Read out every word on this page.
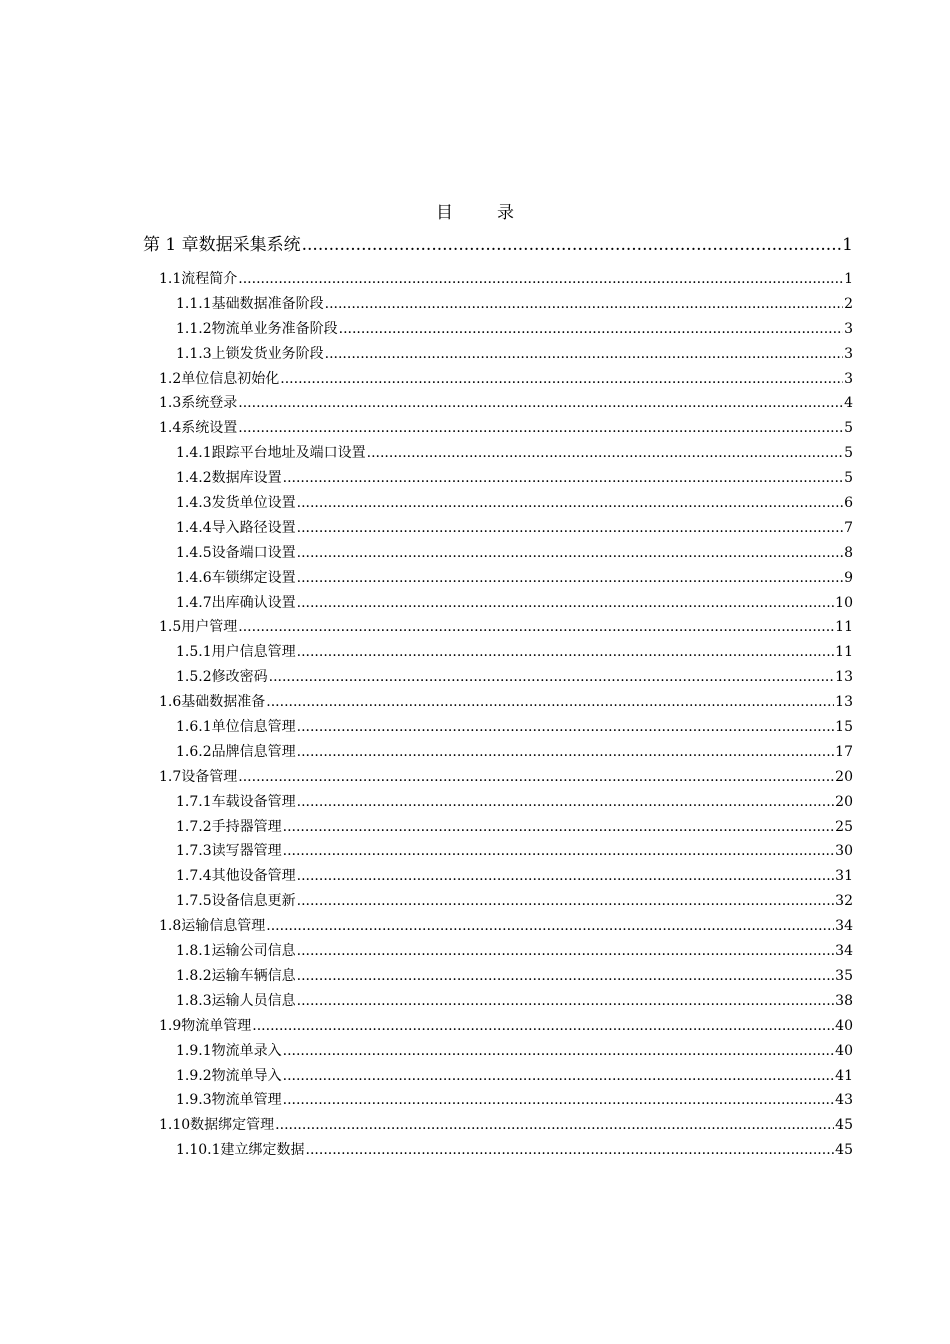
目	录
第 1 章 数据采集系统 .....	1
1.1 流程简介 .....	1
1.1.1 基础数据准备阶段 .....	2
1.1.2 物流单业务准备阶段 .....	3
1.1.3 上锁发货业务阶段 .....	3
1.2 单位信息初始化 .....	3
1.3 系统登录 .....	4
1.4 系统设置 .....	5
1.4.1 跟踪平台地址及端口设置 .....	5
1.4.2 数据库设置 .....	5
1.4.3 发货单位设置 .....	6
1.4.4 导入路径设置 .....	7
1.4.5 设备端口设置 .....	8
1.4.6 车锁绑定设置 .....	9
1.4.7 出库确认设置 .....	10
1.5 用户管理 .....	11
1.5.1 用户信息管理 .....	11
1.5.2 修改密码 .....	13
1.6 基础数据准备 .....	13
1.6.1 单位信息管理 .....	15
1.6.2 品牌信息管理 .....	17
1.7 设备管理 .....	20
1.7.1 车载设备管理 .....	20
1.7.2 手持器管理 .....	25
1.7.3 读写器管理 .....	30
1.7.4 其他设备管理 .....	31
1.7.5 设备信息更新 .....	32
1.8 运输信息管理 .....	34
1.8.1 运输公司信息 .....	34
1.8.2 运输车辆信息 .....	35
1.8.3 运输人员信息 .....	38
1.9 物流单管理 .....	40
1.9.1 物流单录入 .....	40
1.9.2 物流单导入 .....	41
1.9.3 物流单管理 .....	43
1.10 数据绑定管理 .....	45
1.10.1 建立绑定数据 .....	45
